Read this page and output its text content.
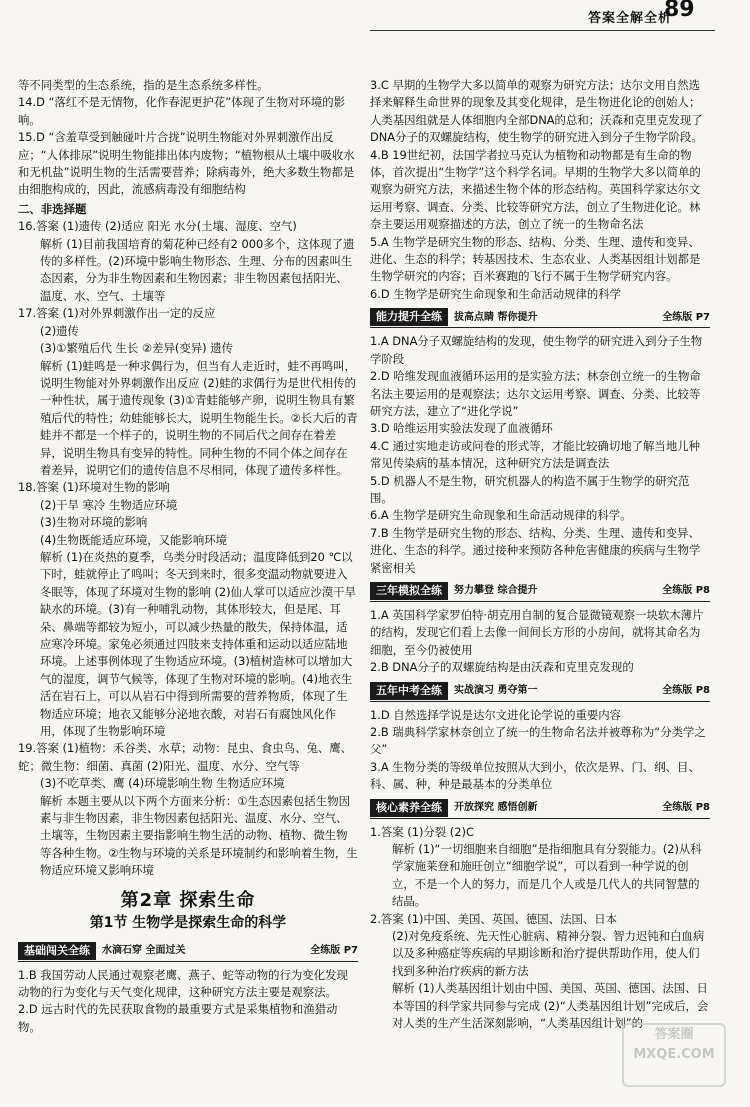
答案全解全析
89

等不同类型的生态系统，指的是生态系统多样性。

14.D “落红不是无情物，化作春泥更护花”体现了生物对环境的影响。

15.D “含羞草受到触碰叶片合拢”说明生物能对外界刺激作出反应；“人体排尿”说明生物能排出体内废物；“植物根从土壤中吸收水和无机盐”说明生物的生活需要营养；除病毒外，绝大多数生物都是由细胞构成的，因此，流感病毒没有细胞结构

二、非选择题

16.答案 (1)遗传 (2)适应 阳光 水分(土壤、湿度、空气)

解析 (1)目前我国培育的菊花种已经有2 000多个，这体现了遗传的多样性。(2)环境中影响生物形态、生理、分布的因素叫生态因素，分为非生物因素和生物因素；非生物因素包括阳光、温度、水、空气、土壤等

17.答案 (1)对外界刺激作出一定的反应

(2)遗传

(3)①繁殖后代 生长 ②差异(变异) 遗传

解析 (1)蛙鸣是一种求偶行为，但当有人走近时，蛙不再鸣叫，说明生物能对外界刺激作出反应 (2)蛙的求偶行为是世代相传的一种性状，属于遗传现象 (3)①青蛙能够产卵，说明生物具有繁殖后代的特性；幼蛙能够长大，说明生物能生长。②长大后的青蛙并不都是一个样子的，说明生物的不同后代之间存在着差异，说明生物具有变异的特性。同种生物的不同个体之间存在着差异，说明它们的遗传信息不尽相同，体现了遗传多样性。

18.答案 (1)环境对生物的影响

(2)干旱 寒冷 生物适应环境

(3)生物对环境的影响

(4)生物既能适应环境，又能影响环境

解析 (1)在炎热的夏季，乌类分时段活动；温度降低到20 ℃以下时，蛙就停止了鸣叫；冬天到来时，很多变温动物就要进入冬眠等，体现了环境对生物的影响 (2)仙人掌可以适应沙漠干旱缺水的环境。(3)有一种哺乳动物，其体形较大，但是尾、耳朵、鼻端等都较为短小，可以减少热量的散失，保持体温，适应寒冷环境。家兔必须通过四肢来支持体重和运动以适应陆地环境。上述事例体现了生物适应环境。(3)植树造林可以增加大气的湿度，调节气候等，体现了生物对环境的影响。(4)地衣生活在岩石上，可以从岩石中得到所需要的营养物质，体现了生物适应环境；地衣又能够分泌地衣酸，对岩石有腐蚀风化作用，体现了生物影响环境

19.答案 (1)植物：禾谷类、水草；动物：昆虫、食虫鸟、兔、鹰、蛇；微生物：细菌、真菌 (2)阳光、温度、水分、空气等

(3)不吃草类、鹰 (4)环境影响生物 生物适应环境

解析 本题主要从以下两个方面来分析：①生态因素包括生物因素与非生物因素，非生物因素包括阳光、温度、水分、空气、土壤等，生物因素主要指影响生物生活的动物、植物、微生物等各种生物。②生物与环境的关系是环境制约和影响着生物，生物适应环境又影响环境

第2章 探索生命
第1节 生物学是探索生命的科学
基础闯关全练	水滴石穿 全面过关	全练版 P7

1.B 我国劳动人民通过观察老鹰、燕子、蛇等动物的行为变化发现动物的行为变化与天气变化规律，这种研究方法主要是观察法。

2.D 远古时代的先民获取食物的最重要方式是采集植物和渔猎动物。

3.C 早期的生物学大多以简单的观察为研究方法；达尔文用自然选择来解释生命世界的现象及其变化规律，是生物进化论的创始人；人类基因组就是人体细胞内全部DNA的总和；沃森和克里克发现了DNA分子的双螺旋结构，使生物学的研究进入到分子生物学阶段。

4.B 19世纪初，法国学者拉马克认为植物和动物都是有生命的物体，首次提出“生物学”这个科学名词。早期的生物学大多以简单的观察为研究方法，来描述生物个体的形态结构。英国科学家达尔文运用考察、调查、分类、比较等研究方法，创立了生物进化论。林奈主要运用观察描述的方法，创立了统一的生物命名法

5.A 生物学是研究生物的形态、结构、分类、生理、遗传和变异、进化、生态的科学；转基因技术、生态农业、人类基因组计划都是生物学研究的内容；百米赛跑的飞行不属于生物学研究内容。

6.D 生物学是研究生命现象和生命活动规律的科学

能力提升全练	拔高点睛 帮你提升	全练版 P7

1.A DNA分子双螺旋结构的发现，使生物学的研究进入到分子生物学阶段

2.D 哈维发现血液循环运用的是实验方法；林奈创立统一的生物命名法主要运用的是观察法；达尔文运用考察、调查、分类、比较等研究方法，建立了“进化学说”

3.D 哈维运用实验法发现了血液循环

4.C 通过实地走访或问卷的形式等，才能比较确切地了解当地儿种常见传染病的基本情况，这种研究方法是调查法

5.D 机器人不是生物，研究机器人的构造不属于生物学的研究范围。

6.A 生物学是研究生命现象和生命活动规律的科学。

7.B 生物学是研究生物的形态、结构、分类、生理、遗传和变异、进化、生态的科学。通过接种来预防各种危害健康的疾病与生物学紧密相关

三年模拟全练	努力攀登 综合提升	全练版 P8

1.A 英国科学家罗伯特·胡克用自制的复合显微镜观察一块软木薄片的结构，发现它们看上去像一间间长方形的小房间，就将其命名为细胞，至今仍被使用

2.B DNA分子的双螺旋结构是由沃森和克里克发现的

五年中考全练	实战演习 勇夺第一	全练版 P8

1.D 自然选择学说是达尔文进化论学说的重要内容

2.B 瑞典科学家林奈创立了统一的生物命名法并被尊称为“分类学之父”

3.A 生物分类的等级单位按照从大到小，依次是界、门、纲、目、科、属、种，种是最基本的分类单位

核心素养全练	开放探究 感悟创新	全练版 P8

1.答案 (1)分裂 (2)C

解析 (1)“一切细胞来自细胞”是指细胞具有分裂能力。(2)从科学家施莱登和施旺创立“细胞学说”，可以看到一种学说的创立，不是一个人的努力，而是几个人或是几代人的共同智慧的结晶。

2.答案 (1)中国、美国、英国、德国、法国、日本

(2)对免疫系统、先天性心脏病、精神分裂、智力迟钝和白血病以及多种癌症等疾病的早期诊断和治疗提供帮助作用，使人们找到多种治疗疾病的新方法

解析 (1)人类基因组计划由中国、美国、英国、德国、法国、日本等国的科学家共同参与完成 (2)“人类基因组计划”完成后，会对人类的生产生活深刻影响，“人类基因组计划”的

答案圈
MXQE.COM
